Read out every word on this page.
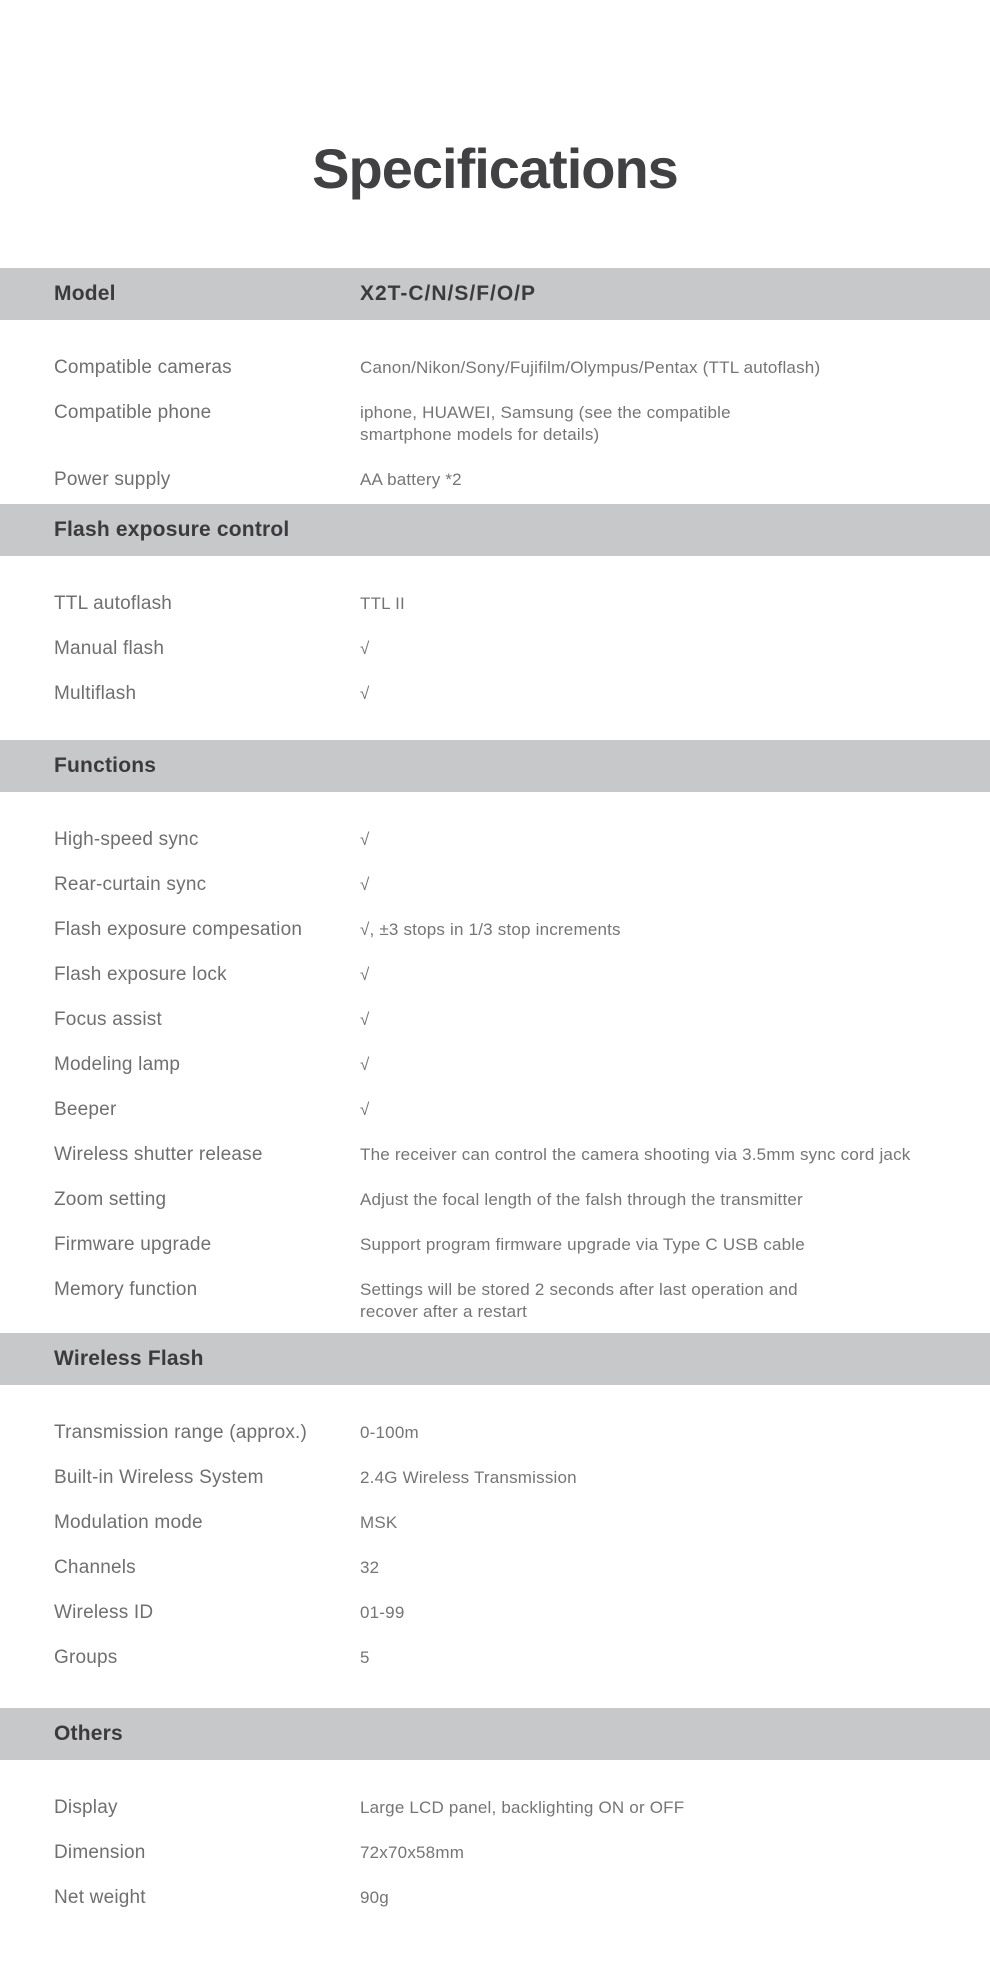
Specifications
Model	X2T-C/N/S/F/O/P
Compatible cameras	Canon/Nikon/Sony/Fujifilm/Olympus/Pentax (TTL autoflash)
Compatible phone	iphone, HUAWEI, Samsung (see the compatible smartphone models for details)
Power supply	AA battery *2
Flash exposure control
TTL autoflash	TTL II
Manual flash	√
Multiflash	√
Functions
High-speed sync	√
Rear-curtain sync	√
Flash exposure compesation	√, ±3 stops in 1/3 stop increments
Flash exposure lock	√
Focus assist	√
Modeling lamp	√
Beeper	√
Wireless shutter release	The receiver can control the camera shooting via 3.5mm sync cord jack
Zoom setting	Adjust the focal length of the falsh through the transmitter
Firmware upgrade	Support program firmware upgrade via Type C USB cable
Memory function	Settings will be stored 2 seconds after last operation and recover after a restart
Wireless Flash
Transmission range (approx.)	0-100m
Built-in Wireless System	2.4G Wireless Transmission
Modulation mode	MSK
Channels	32
Wireless ID	01-99
Groups	5
Others
Display	Large LCD panel, backlighting ON or OFF
Dimension	72x70x58mm
Net weight	90g
